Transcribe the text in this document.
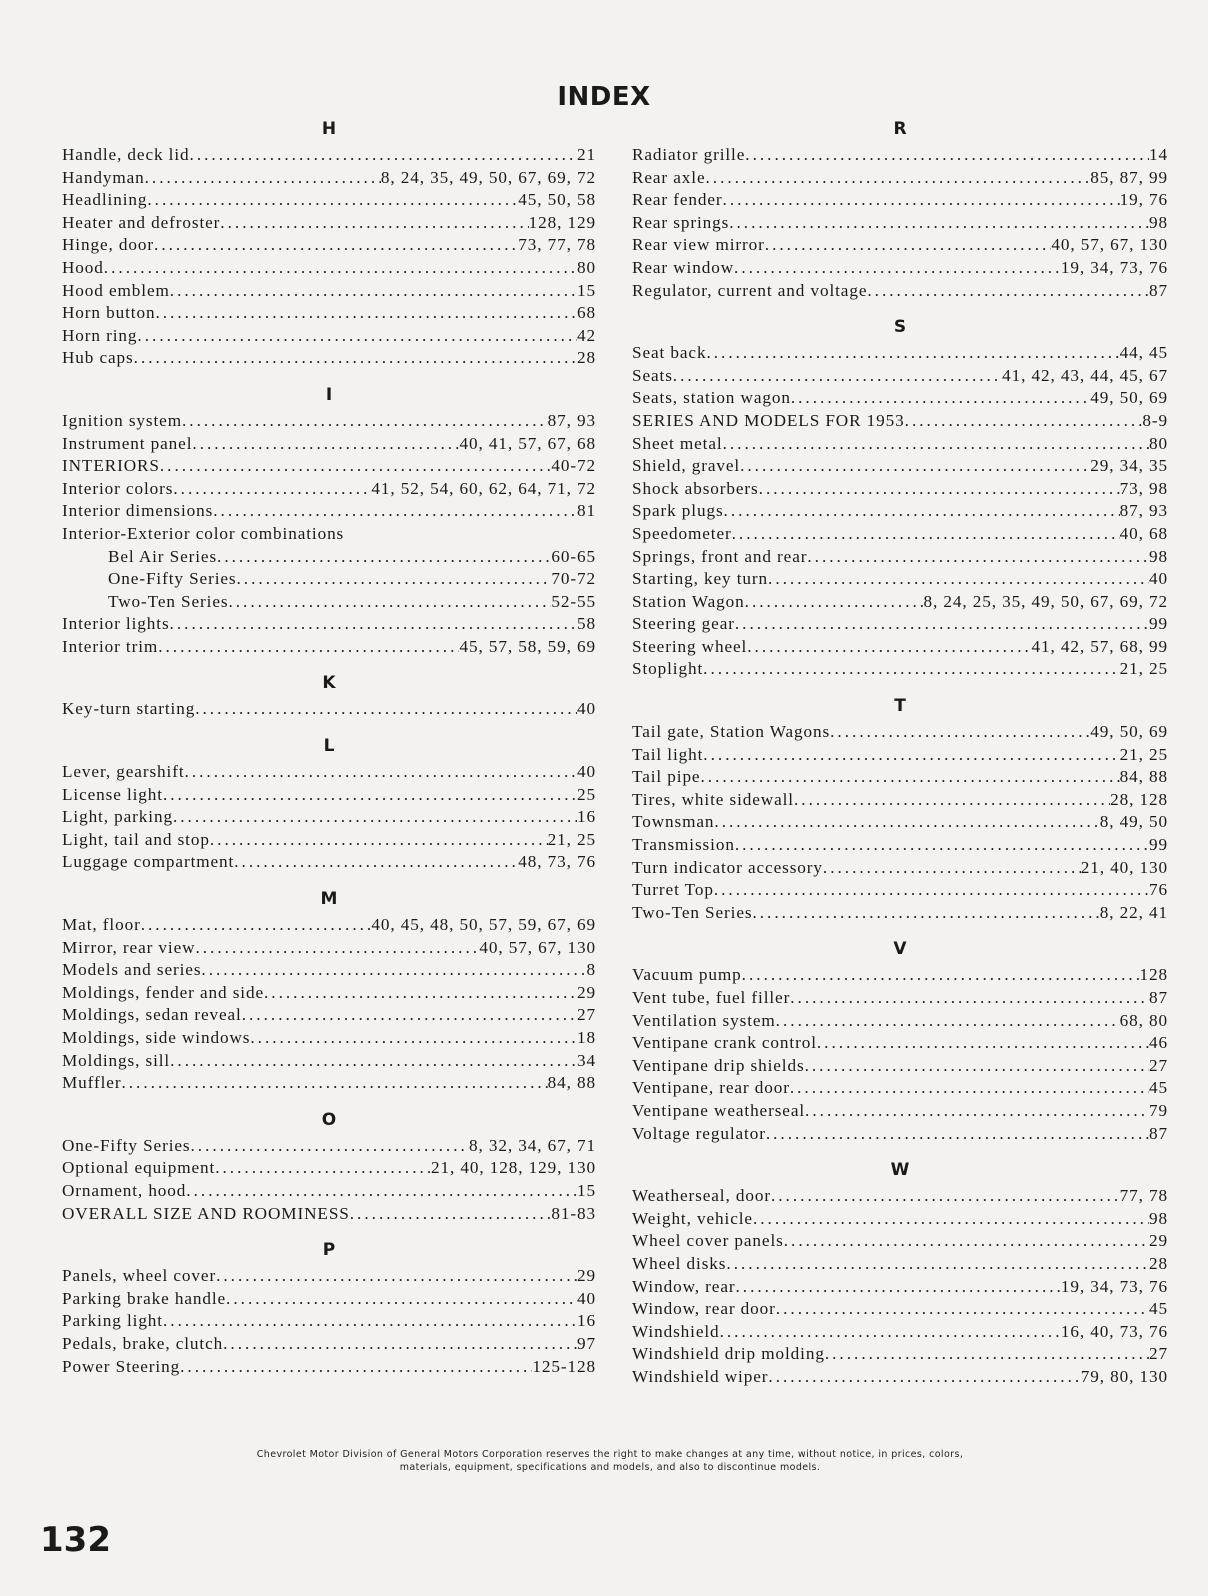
INDEX
H
Handle, deck lid .....	21
Handyman .....	8, 24, 35, 49, 50, 67, 69, 72
Headlining .....	45, 50, 58
Heater and defroster .....	128, 129
Hinge, door .....	73, 77, 78
Hood .....	80
Hood emblem .....	15
Horn button .....	68
Horn ring .....	42
Hub caps .....	28
I
Ignition system .....	87, 93
Instrument panel .....	40, 41, 57, 67, 68
INTERIORS .....	40-72
Interior colors .....	41, 52, 54, 60, 62, 64, 71, 72
Interior dimensions .....	81
Interior-Exterior color combinations
Bel Air Series .....	60-65
One-Fifty Series .....	70-72
Two-Ten Series .....	52-55
Interior lights .....	58
Interior trim .....	45, 57, 58, 59, 69
K
Key-turn starting .....	40
L
Lever, gearshift .....	40
License light .....	25
Light, parking .....	16
Light, tail and stop .....	21, 25
Luggage compartment .....	48, 73, 76
M
Mat, floor .....	40, 45, 48, 50, 57, 59, 67, 69
Mirror, rear view .....	40, 57, 67, 130
Models and series .....	8
Moldings, fender and side .....	29
Moldings, sedan reveal .....	27
Moldings, side windows .....	18
Moldings, sill .....	34
Muffler .....	84, 88
O
One-Fifty Series .....	8, 32, 34, 67, 71
Optional equipment .....	21, 40, 128, 129, 130
Ornament, hood .....	15
OVERALL SIZE AND ROOMINESS .....	81-83
P
Panels, wheel cover .....	29
Parking brake handle .....	40
Parking light .....	16
Pedals, brake, clutch .....	97
Power Steering .....	125-128
R
Radiator grille .....	14
Rear axle .....	85, 87, 99
Rear fender .....	19, 76
Rear springs .....	98
Rear view mirror .....	40, 57, 67, 130
Rear window .....	19, 34, 73, 76
Regulator, current and voltage .....	87
S
Seat back .....	44, 45
Seats .....	41, 42, 43, 44, 45, 67
Seats, station wagon .....	49, 50, 69
SERIES AND MODELS FOR 1953 .....	8-9
Sheet metal .....	80
Shield, gravel .....	29, 34, 35
Shock absorbers .....	73, 98
Spark plugs .....	87, 93
Speedometer .....	40, 68
Springs, front and rear .....	98
Starting, key turn .....	40
Station Wagon .....	8, 24, 25, 35, 49, 50, 67, 69, 72
Steering gear .....	99
Steering wheel .....	41, 42, 57, 68, 99
Stoplight .....	21, 25
T
Tail gate, Station Wagons .....	49, 50, 69
Tail light .....	21, 25
Tail pipe .....	84, 88
Tires, white sidewall .....	28, 128
Townsman .....	8, 49, 50
Transmission .....	99
Turn indicator accessory .....	21, 40, 130
Turret Top .....	76
Two-Ten Series .....	8, 22, 41
V
Vacuum pump .....	128
Vent tube, fuel filler .....	87
Ventilation system .....	68, 80
Ventipane crank control .....	46
Ventipane drip shields .....	27
Ventipane, rear door .....	45
Ventipane weatherseal .....	79
Voltage regulator .....	87
W
Weatherseal, door .....	77, 78
Weight, vehicle .....	98
Wheel cover panels .....	29
Wheel disks .....	28
Window, rear .....	19, 34, 73, 76
Window, rear door .....	45
Windshield .....	16, 40, 73, 76
Windshield drip molding .....	27
Windshield wiper .....	79, 80, 130
Chevrolet Motor Division of General Motors Corporation reserves the right to make changes at any time, without notice, in prices, colors, materials, equipment, specifications and models, and also to discontinue models.
132
